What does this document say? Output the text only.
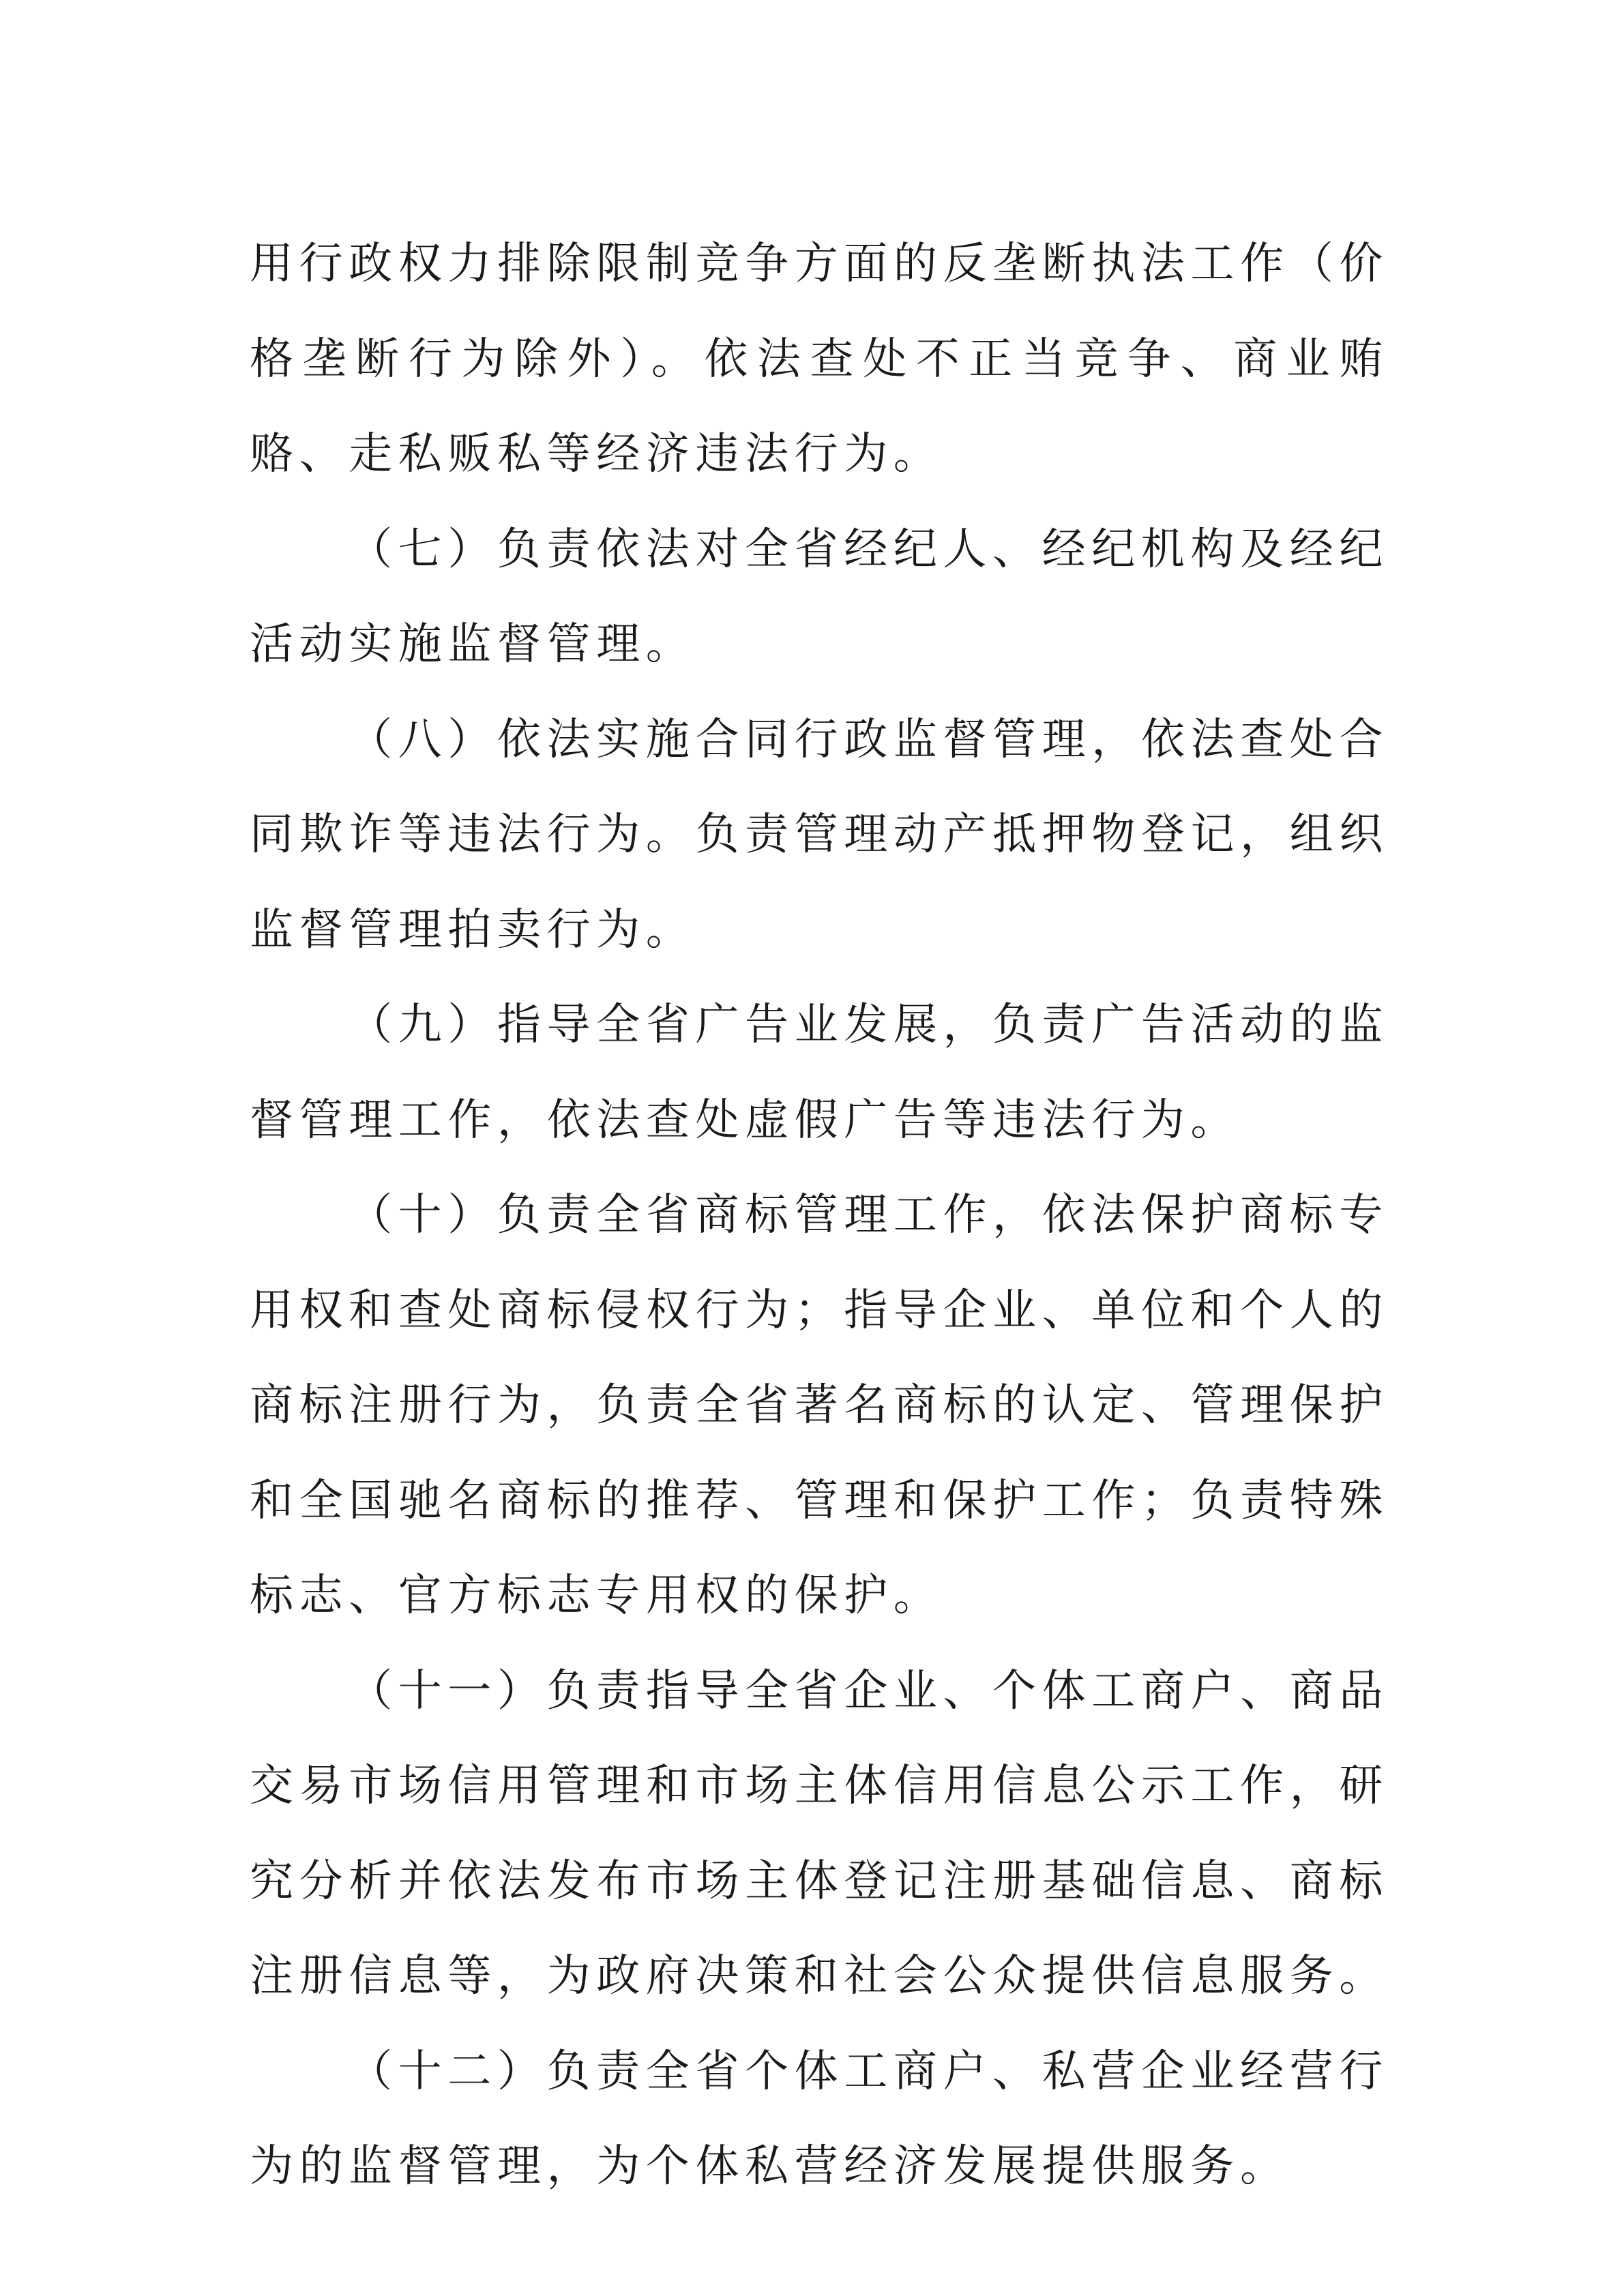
用行政权力排除限制竞争方面的反垄断执法工作（价格垄断行为除外）。依法查处不正当竞争、商业贿赂、走私贩私等经济违法行为。

（七）负责依法对全省经纪人、经纪机构及经纪活动实施监督管理。

（八）依法实施合同行政监督管理，依法查处合同欺诈等违法行为。负责管理动产抵押物登记，组织监督管理拍卖行为。

（九）指导全省广告业发展，负责广告活动的监督管理工作，依法查处虚假广告等违法行为。

（十）负责全省商标管理工作，依法保护商标专用权和查处商标侵权行为；指导企业、单位和个人的商标注册行为，负责全省著名商标的认定、管理保护和全国驰名商标的推荐、管理和保护工作；负责特殊标志、官方标志专用权的保护。

（十一）负责指导全省企业、个体工商户、商品交易市场信用管理和市场主体信用信息公示工作，研究分析并依法发布市场主体登记注册基础信息、商标注册信息等，为政府决策和社会公众提供信息服务。

（十二）负责全省个体工商户、私营企业经营行为的监督管理，为个体私营经济发展提供服务。
